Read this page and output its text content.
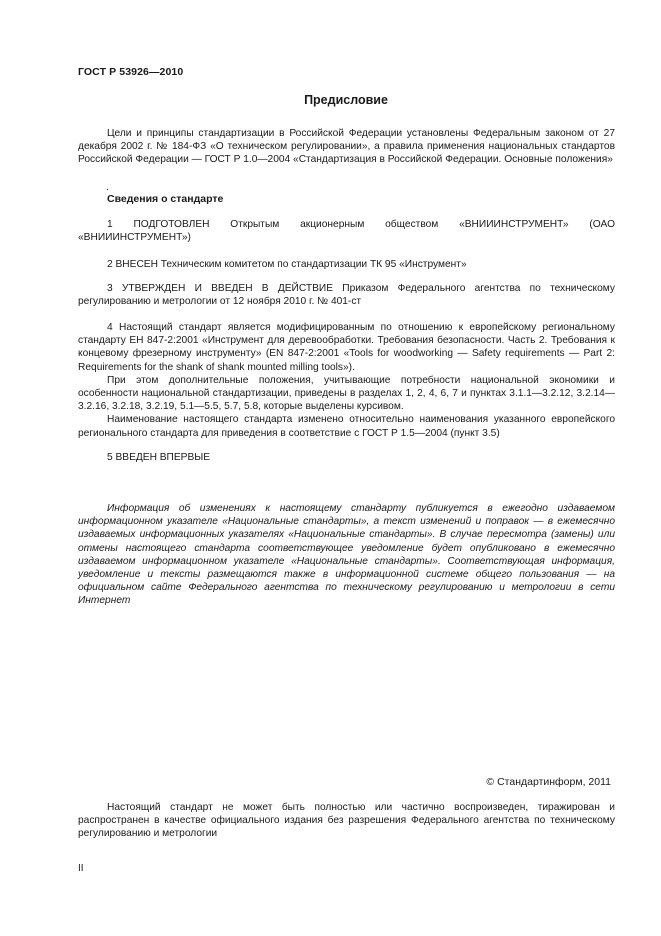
ГОСТ Р 53926—2010
Предисловие

Цели и принципы стандартизации в Российской Федерации установлены Федеральным законом от 27 декабря 2002 г. № 184-ФЗ «О техническом регулировании», а правила применения национальных стандартов Российской Федерации — ГОСТ Р 1.0—2004 «Стандартизация в Российской Федерации. Основные положения»

.
Сведения о стандарте

1 ПОДГОТОВЛЕН Открытым акционерным обществом «ВНИИИНСТРУМЕНТ» (ОАО «ВНИИИНСТРУМЕНТ»)

2 ВНЕСЕН Техническим комитетом по стандартизации ТК 95 «Инструмент»

3 УТВЕРЖДЕН И ВВЕДЕН В ДЕЙСТВИЕ Приказом Федерального агентства по техническому регулированию и метрологии от 12 ноября 2010 г. № 401-ст

4 Настоящий стандарт является модифицированным по отношению к европейскому региональному стандарту ЕН 847-2:2001 «Инструмент для деревообработки. Требования безопасности. Часть 2. Требования к концевому фрезерному инструменту» (EN 847-2:2001 «Tools for woodworking — Safety requirements — Part 2: Requirements for the shank of shank mounted milling tools»).

При этом дополнительные положения, учитывающие потребности национальной экономики и особенности национальной стандартизации, приведены в разделах 1, 2, 4, 6, 7 и пунктах 3.1.1—3.2.12, 3.2.14—3.2.16, 3.2.18, 3.2.19, 5.1—5.5, 5.7, 5.8, которые выделены курсивом.

Наименование настоящего стандарта изменено относительно наименования указанного европейского регионального стандарта для приведения в соответствие с ГОСТ Р 1.5—2004 (пункт 3.5)

5 ВВЕДЕН ВПЕРВЫЕ

Информация об изменениях к настоящему стандарту публикуется в ежегодно издаваемом информационном указателе «Национальные стандарты», а текст изменений и поправок — в ежемесячно издаваемых информационных указателях «Национальные стандарты». В случае пересмотра (замены) или отмены настоящего стандарта соответствующее уведомление будет опубликовано в ежемесячно издаваемом информационном указателе «Национальные стандарты». Соответствующая информация, уведомление и тексты размещаются также в информационной системе общего пользования — на официальном сайте Федерального агентства по техническому регулированию и метрологии в сети Интернет

© Стандартинформ, 2011

Настоящий стандарт не может быть полностью или частично воспроизведен, тиражирован и распространен в качестве официального издания без разрешения Федерального агентства по техническому регулированию и метрологии

II
